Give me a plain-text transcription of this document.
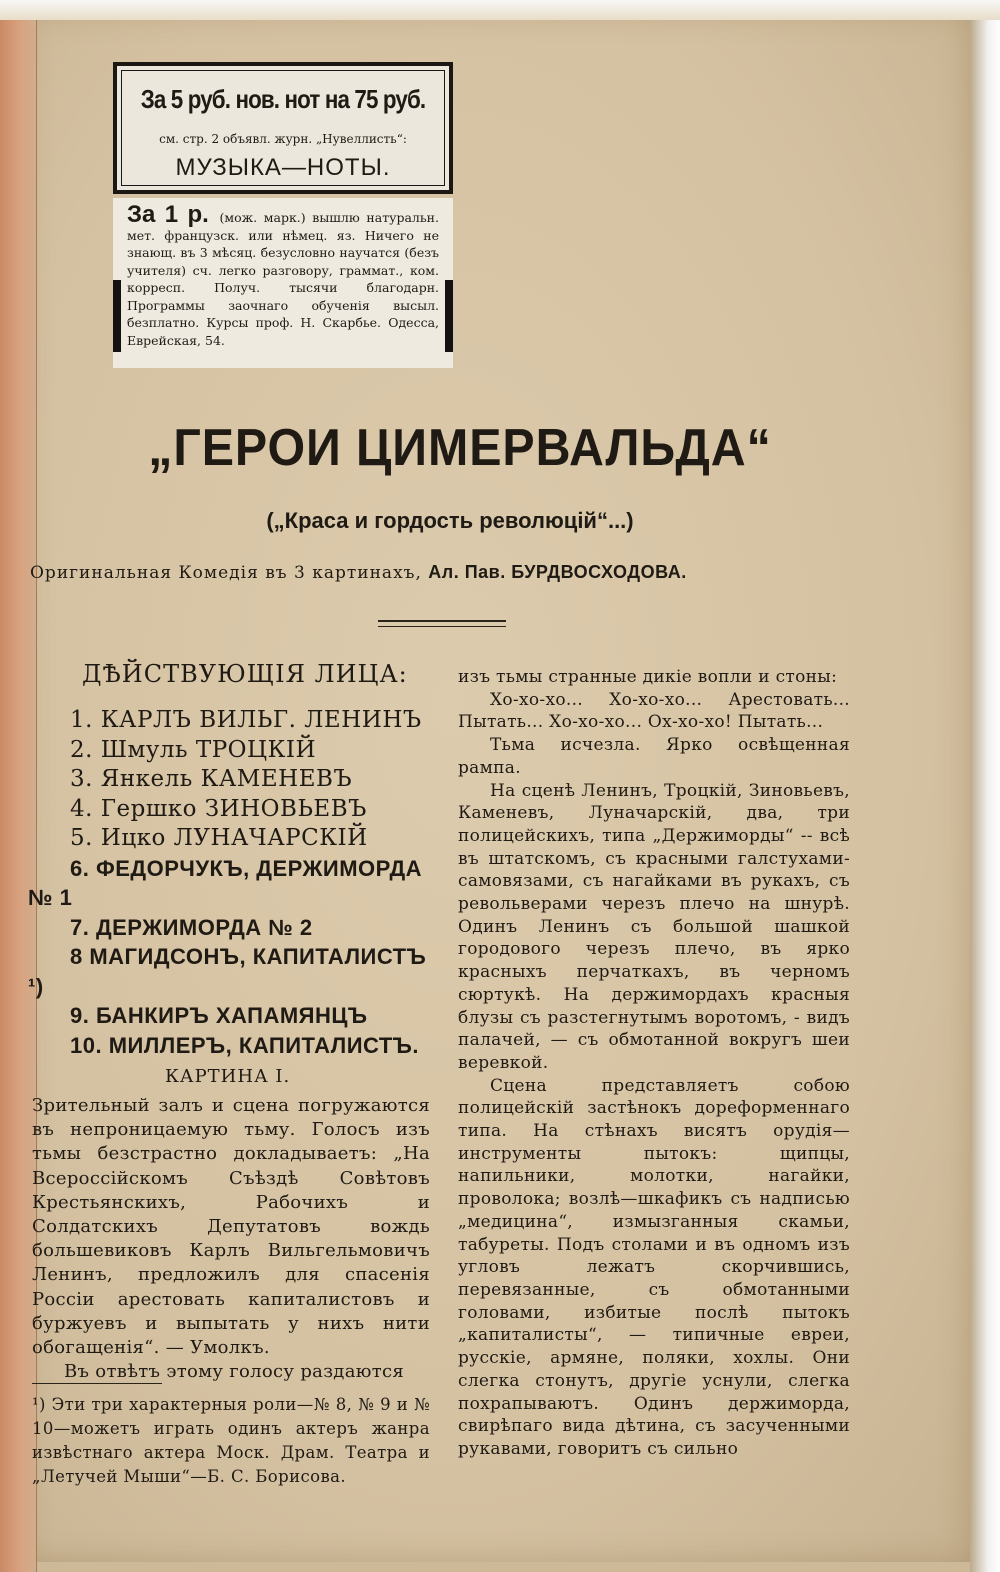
За 5 руб. нов. нот на 75 руб.
см. стр. 2 объявл. журн. „Нувеллисть“:
МУЗЫКА—НОТЫ.
За 1 р. (мож. марк.) вышлю натуральн. мет. французск. или нѣмец. яз. Ничего не знающ. въ 3 мѣсяц. безусловно научатся (безъ учителя) сч. легко разговору, граммат., ком. корресп. Получ. тысячи благодарн. Программы заочнаго обученія высыл. безплатно. Курсы проф. Н. Скарбье. Одесса, Еврейская, 54.
„ГЕРОИ ЦИМЕРВАЛЬДА“
(„Краса и гордость революцій“...)
Оригинальная Комедія въ 3 картинахъ, Ал. Пав. БУРДВОСХОДОВА.
ДѢЙСТВУЮЩІЯ ЛИЦА:
1. КАРЛЪ ВИЛЬГ. ЛЕНИНЪ
2. Шмуль ТРОЦКІЙ
3. Янкель КАМЕНЕВЪ
4. Гершко ЗИНОВЬЕВЪ
5. Ицко ЛУНАЧАРСКІЙ
6. ФЕДОРЧУКЪ, ДЕРЖИМОРДА № 1
7. ДЕРЖИМОРДА № 2
8 МАГИДСОНЪ, КАПИТАЛИСТЪ ¹)
9. БАНКИРЪ ХАПАМЯНЦЪ
10. МИЛЛЕРЪ, КАПИТАЛИСТЪ.
КАРТИНА I.

Зрительный залъ и сцена погружаются въ непроницаемую тьму. Голосъ изъ тьмы безстрастно докладываетъ: „На Всероссійскомъ Съѣздѣ Совѣтовъ Крестьянскихъ, Рабочихъ и Солдатскихъ Депутатовъ вождь большевиковъ Карлъ Вильгельмовичъ Ленинъ, предложилъ для спасенія Россіи арестовать капиталистовъ и буржуевъ и выпытать у нихъ нити обогащенія“. — Умолкъ.

Въ отвѣтъ этому голосу раздаются

¹) Эти три характерныя роли—№ 8, № 9 и № 10—можетъ играть одинъ актеръ жанра извѣстнаго актера Моск. Драм. Театра и „Летучей Мыши“—Б. С. Борисова.

изъ тьмы странные дикіе вопли и стоны:

Хо-хо-хо... Хо-хо-хо... Арестовать... Пытать... Хо-хо-хо... Ох-хо-хо! Пытать...

Тьма исчезла. Ярко освѣщенная рампа.

На сценѣ Ленинъ, Троцкій, Зиновьевъ, Каменевъ, Луначарскій, два, три полицейскихъ, типа „Держиморды“ -- всѣ въ штатскомъ, съ красными галстухами-самовязами, съ нагайками въ рукахъ, съ револьверами черезъ плечо на шнурѣ. Одинъ Ленинъ съ большой шашкой городового черезъ плечо, въ ярко красныхъ перчаткахъ, въ черномъ сюртукѣ. На держимордахъ красныя блузы съ разстегнутымъ воротомъ, - видъ палачей, — съ обмотанной вокругъ шеи веревкой.

Сцена представляетъ собою полицейскій застѣнокъ дореформеннаго типа. На стѣнахъ висятъ орудія— инструменты пытокъ: щипцы, напильники, молотки, нагайки, проволока; возлѣ—шкафикъ съ надписью „медицина“, измызганныя скамьи, табуреты. Подъ столами и въ одномъ изъ угловъ лежатъ скорчившись, перевязанные, съ обмотанными головами, избитые послѣ пытокъ „капиталисты“, — типичные евреи, русскіе, армяне, поляки, хохлы. Они слегка стонутъ, другіе уснули, слегка похрапываютъ. Одинъ держиморда, свирѣпаго вида дѣтина, съ засученными рукавами, говоритъ съ сильно
